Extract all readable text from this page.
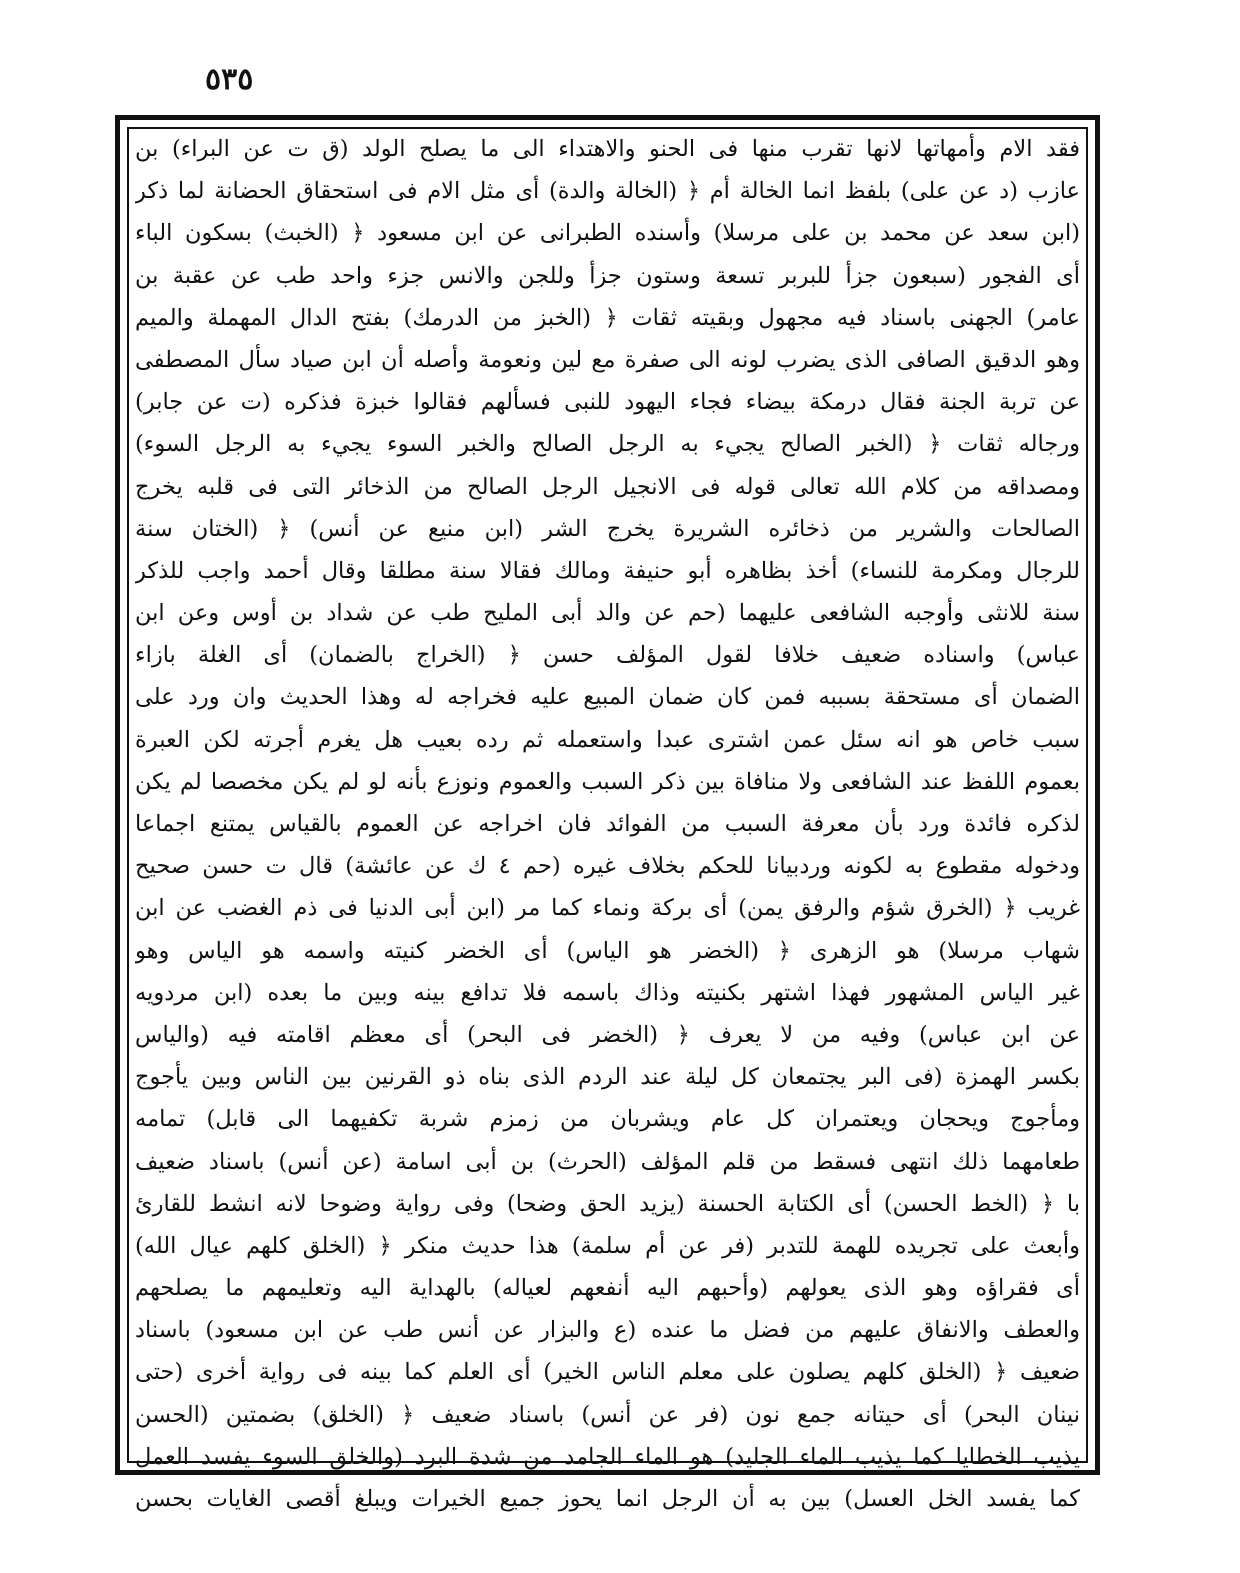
٥٣٥
فقد الام وأمهاتها لانها تقرب منها فى الحنو والاهتداء الى ما يصلح الولد (ق ت عن البراء) بن
عازب (د عن على) بلفظ انما الخالة أم ﴿ (الخالة والدة) أى مثل الام فى استحقاق الحضانة لما ذكر
(ابن سعد عن محمد بن على مرسلا) وأسنده الطبرانى عن ابن مسعود ﴿ (الخبث) بسكون الباء
أى الفجور (سبعون جزأ للبربر تسعة وستون جزأ وللجن والانس جزء واحد طب عن عقبة بن
عامر) الجهنى باسناد فيه مجهول وبقيته ثقات ﴿ (الخبز من الدرمك) بفتح الدال المهملة والميم
وهو الدقيق الصافى الذى يضرب لونه الى صفرة مع لين ونعومة وأصله أن ابن صياد سأل المصطفى
عن تربة الجنة فقال درمكة بيضاء فجاء اليهود للنبى فسألهم فقالوا خبزة فذكره (ت عن جابر)
ورجاله ثقات ﴿ (الخبر الصالح يجيء به الرجل الصالح والخبر السوء يجيء به الرجل السوء)
ومصداقه من كلام الله تعالى قوله فى الانجيل الرجل الصالح من الذخائر التى فى قلبه يخرج
الصالحات والشرير من ذخائره الشريرة يخرج الشر (ابن منيع عن أنس) ﴿ (الختان سنة
للرجال ومكرمة للنساء) أخذ بظاهره أبو حنيفة ومالك فقالا سنة مطلقا وقال أحمد واجب للذكر
سنة للانثى وأوجبه الشافعى عليهما (حم عن والد أبى المليح طب عن شداد بن أوس وعن ابن
عباس) واسناده ضعيف خلافا لقول المؤلف حسن ﴿ (الخراج بالضمان) أى الغلة بازاء
الضمان أى مستحقة بسببه فمن كان ضمان المبيع عليه فخراجه له وهذا الحديث وان ورد على
سبب خاص هو انه سئل عمن اشترى عبدا واستعمله ثم رده بعيب هل يغرم أجرته لكن العبرة
بعموم اللفظ عند الشافعى ولا منافاة بين ذكر السبب والعموم ونوزع بأنه لو لم يكن مخصصا لم يكن
لذكره فائدة ورد بأن معرفة السبب من الفوائد فان اخراجه عن العموم بالقياس يمتنع اجماعا
ودخوله مقطوع به لكونه وردبيانا للحكم بخلاف غيره (حم ٤ ك عن عائشة) قال ت حسن صحيح
غريب ﴿ (الخرق شؤم والرفق يمن) أى بركة ونماء كما مر (ابن أبى الدنيا فى ذم الغضب عن ابن
شهاب مرسلا) هو الزهرى ﴿ (الخضر هو الياس) أى الخضر كنيته واسمه هو الياس وهو
غير الياس المشهور فهذا اشتهر بكنيته وذاك باسمه فلا تدافع بينه وبين ما بعده (ابن مردويه
عن ابن عباس) وفيه من لا يعرف ﴿ (الخضر فى البحر) أى معظم اقامته فيه (والياس
بكسر الهمزة (فى البر يجتمعان كل ليلة عند الردم الذى بناه ذو القرنين بين الناس وبين يأجوج
ومأجوج ويحجان ويعتمران كل عام ويشربان من زمزم شربة تكفيهما الى قابل) تمامه
طعامهما ذلك انتهى فسقط من قلم المؤلف (الحرث) بن أبى اسامة (عن أنس) باسناد ضعيف
با ﴿ (الخط الحسن) أى الكتابة الحسنة (يزيد الحق وضحا) وفى رواية وضوحا لانه انشط للقارئ
وأبعث على تجريده للهمة للتدبر (فر عن أم سلمة) هذا حديث منكر ﴿ (الخلق كلهم عيال الله)
أى فقراؤه وهو الذى يعولهم (وأحبهم اليه أنفعهم لعياله) بالهداية اليه وتعليمهم ما يصلحهم
والعطف والانفاق عليهم من فضل ما عنده (ع والبزار عن أنس طب عن ابن مسعود) باسناد
ضعيف ﴿ (الخلق كلهم يصلون على معلم الناس الخير) أى العلم كما بينه فى رواية أخرى (حتى
نينان البحر) أى حيتانه جمع نون (فر عن أنس) باسناد ضعيف ﴿ (الخلق) بضمتين (الحسن
يذيب الخطايا كما يذيب الماء الجليد) هو الماء الجامد من شدة البرد (والخلق السوء يفسد العمل
كما يفسد الخل العسل) بين به أن الرجل انما يحوز جميع الخيرات ويبلغ أقصى الغايات بحسن
